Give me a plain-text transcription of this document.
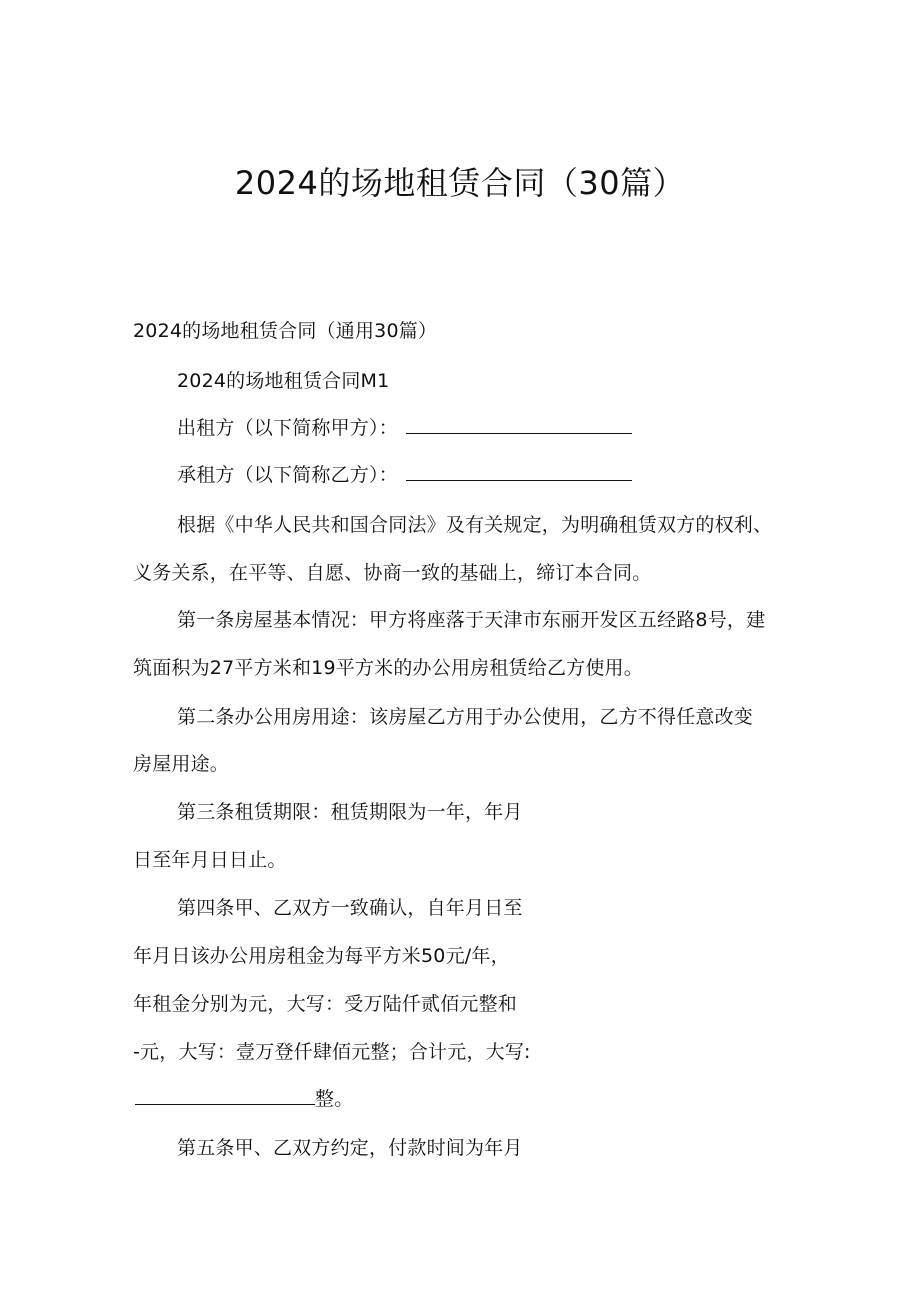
2024的场地租赁合同（30篇）
2024的场地租赁合同（通用30篇）
2024的场地租赁合同M1
出租方（以下简称甲方）：
承租方（以下简称乙方）：
根据《中华人民共和国合同法》及有关规定，为明确租赁双方的权利、
义务关系，在平等、自愿、协商一致的基础上，缔订本合同。
第一条房屋基本情况：甲方将座落于天津市东丽开发区五经路8号，建
筑面积为27平方米和19平方米的办公用房租赁给乙方使用。
第二条办公用房用途：该房屋乙方用于办公使用，乙方不得任意改变
房屋用途。
第三条租赁期限：租赁期限为一年，年月
日至年月日日止。
第四条甲、乙双方一致确认，自年月日至
年月日该办公用房租金为每平方米50元/年，
年租金分别为元，大写：受万陆仟贰佰元整和
-元，大写：壹万登仟肆佰元整；合计元，大写:
整。
第五条甲、乙双方约定，付款时间为年月
